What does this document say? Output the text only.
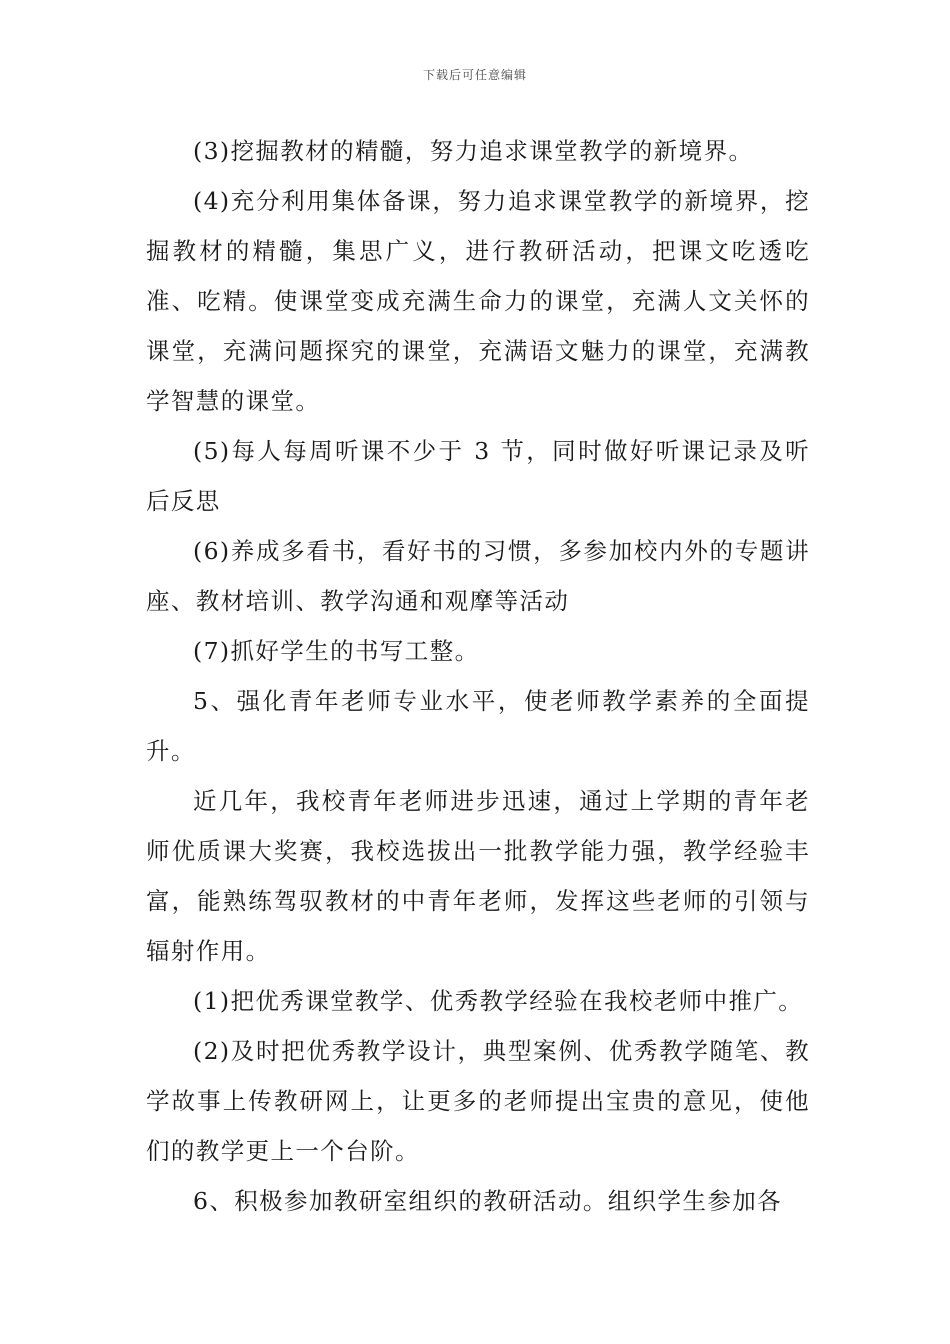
下载后可任意编辑

(3)挖掘教材的精髓，努力追求课堂教学的新境界。

(4)充分利用集体备课，努力追求课堂教学的新境界，挖掘教材的精髓，集思广义，进行教研活动，把课文吃透吃准、吃精。使课堂变成充满生命力的课堂，充满人文关怀的课堂，充满问题探究的课堂，充满语文魅力的课堂，充满教学智慧的课堂。

(5)每人每周听课不少于 3 节，同时做好听课记录及听后反思

(6)养成多看书，看好书的习惯，多参加校内外的专题讲座、教材培训、教学沟通和观摩等活动

(7)抓好学生的书写工整。

5、强化青年老师专业水平，使老师教学素养的全面提升。

近几年，我校青年老师进步迅速，通过上学期的青年老师优质课大奖赛，我校选拔出一批教学能力强，教学经验丰富，能熟练驾驭教材的中青年老师，发挥这些老师的引领与辐射作用。

(1)把优秀课堂教学、优秀教学经验在我校老师中推广。

(2)及时把优秀教学设计，典型案例、优秀教学随笔、教学故事上传教研网上，让更多的老师提出宝贵的意见，使他们的教学更上一个台阶。

6、积极参加教研室组织的教研活动。组织学生参加各
